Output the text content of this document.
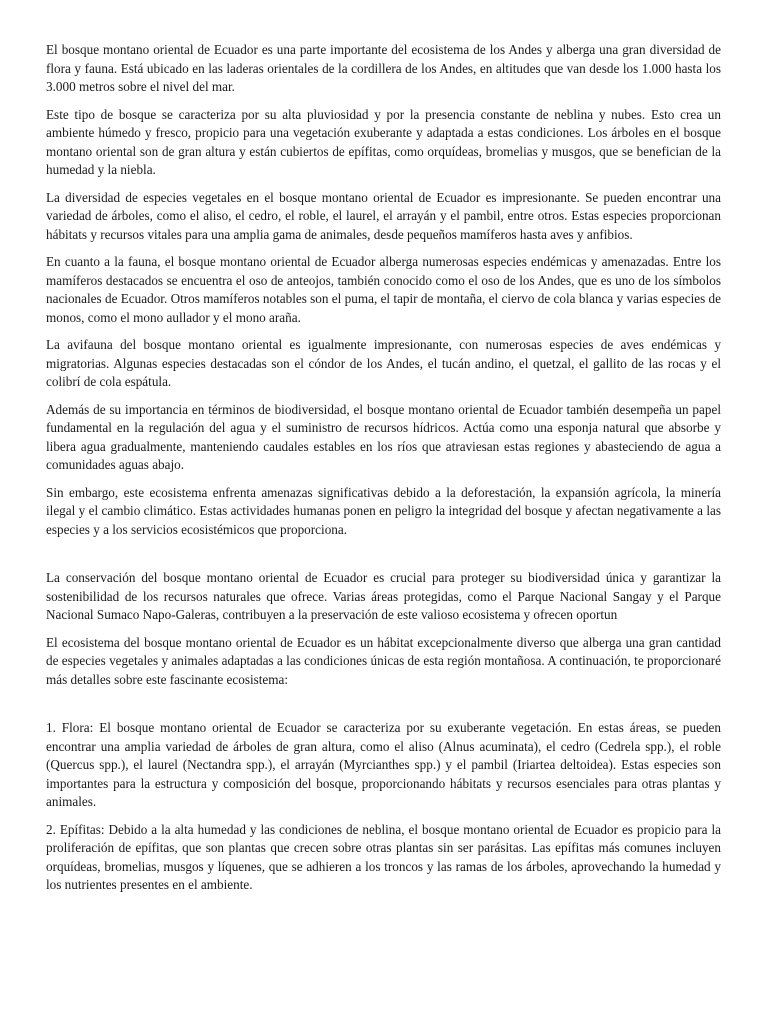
El bosque montano oriental de Ecuador es una parte importante del ecosistema de los Andes y alberga una gran diversidad de flora y fauna. Está ubicado en las laderas orientales de la cordillera de los Andes, en altitudes que van desde los 1.000 hasta los 3.000 metros sobre el nivel del mar.

Este tipo de bosque se caracteriza por su alta pluviosidad y por la presencia constante de neblina y nubes. Esto crea un ambiente húmedo y fresco, propicio para una vegetación exuberante y adaptada a estas condiciones. Los árboles en el bosque montano oriental son de gran altura y están cubiertos de epífitas, como orquídeas, bromelias y musgos, que se benefician de la humedad y la niebla.

La diversidad de especies vegetales en el bosque montano oriental de Ecuador es impresionante. Se pueden encontrar una variedad de árboles, como el aliso, el cedro, el roble, el laurel, el arrayán y el pambil, entre otros. Estas especies proporcionan hábitats y recursos vitales para una amplia gama de animales, desde pequeños mamíferos hasta aves y anfibios.

En cuanto a la fauna, el bosque montano oriental de Ecuador alberga numerosas especies endémicas y amenazadas. Entre los mamíferos destacados se encuentra el oso de anteojos, también conocido como el oso de los Andes, que es uno de los símbolos nacionales de Ecuador. Otros mamíferos notables son el puma, el tapir de montaña, el ciervo de cola blanca y varias especies de monos, como el mono aullador y el mono araña.

La avifauna del bosque montano oriental es igualmente impresionante, con numerosas especies de aves endémicas y migratorias. Algunas especies destacadas son el cóndor de los Andes, el tucán andino, el quetzal, el gallito de las rocas y el colibrí de cola espátula.

Además de su importancia en términos de biodiversidad, el bosque montano oriental de Ecuador también desempeña un papel fundamental en la regulación del agua y el suministro de recursos hídricos. Actúa como una esponja natural que absorbe y libera agua gradualmente, manteniendo caudales estables en los ríos que atraviesan estas regiones y abasteciendo de agua a comunidades aguas abajo.

Sin embargo, este ecosistema enfrenta amenazas significativas debido a la deforestación, la expansión agrícola, la minería ilegal y el cambio climático. Estas actividades humanas ponen en peligro la integridad del bosque y afectan negativamente a las especies y a los servicios ecosistémicos que proporciona.

La conservación del bosque montano oriental de Ecuador es crucial para proteger su biodiversidad única y garantizar la sostenibilidad de los recursos naturales que ofrece. Varias áreas protegidas, como el Parque Nacional Sangay y el Parque Nacional Sumaco Napo-Galeras, contribuyen a la preservación de este valioso ecosistema y ofrecen oportun

El ecosistema del bosque montano oriental de Ecuador es un hábitat excepcionalmente diverso que alberga una gran cantidad de especies vegetales y animales adaptadas a las condiciones únicas de esta región montañosa. A continuación, te proporcionaré más detalles sobre este fascinante ecosistema:

1. Flora: El bosque montano oriental de Ecuador se caracteriza por su exuberante vegetación. En estas áreas, se pueden encontrar una amplia variedad de árboles de gran altura, como el aliso (Alnus acuminata), el cedro (Cedrela spp.), el roble (Quercus spp.), el laurel (Nectandra spp.), el arrayán (Myrcianthes spp.) y el pambil (Iriartea deltoidea). Estas especies son importantes para la estructura y composición del bosque, proporcionando hábitats y recursos esenciales para otras plantas y animales.

2. Epífitas: Debido a la alta humedad y las condiciones de neblina, el bosque montano oriental de Ecuador es propicio para la proliferación de epífitas, que son plantas que crecen sobre otras plantas sin ser parásitas. Las epífitas más comunes incluyen orquídeas, bromelias, musgos y líquenes, que se adhieren a los troncos y las ramas de los árboles, aprovechando la humedad y los nutrientes presentes en el ambiente.
